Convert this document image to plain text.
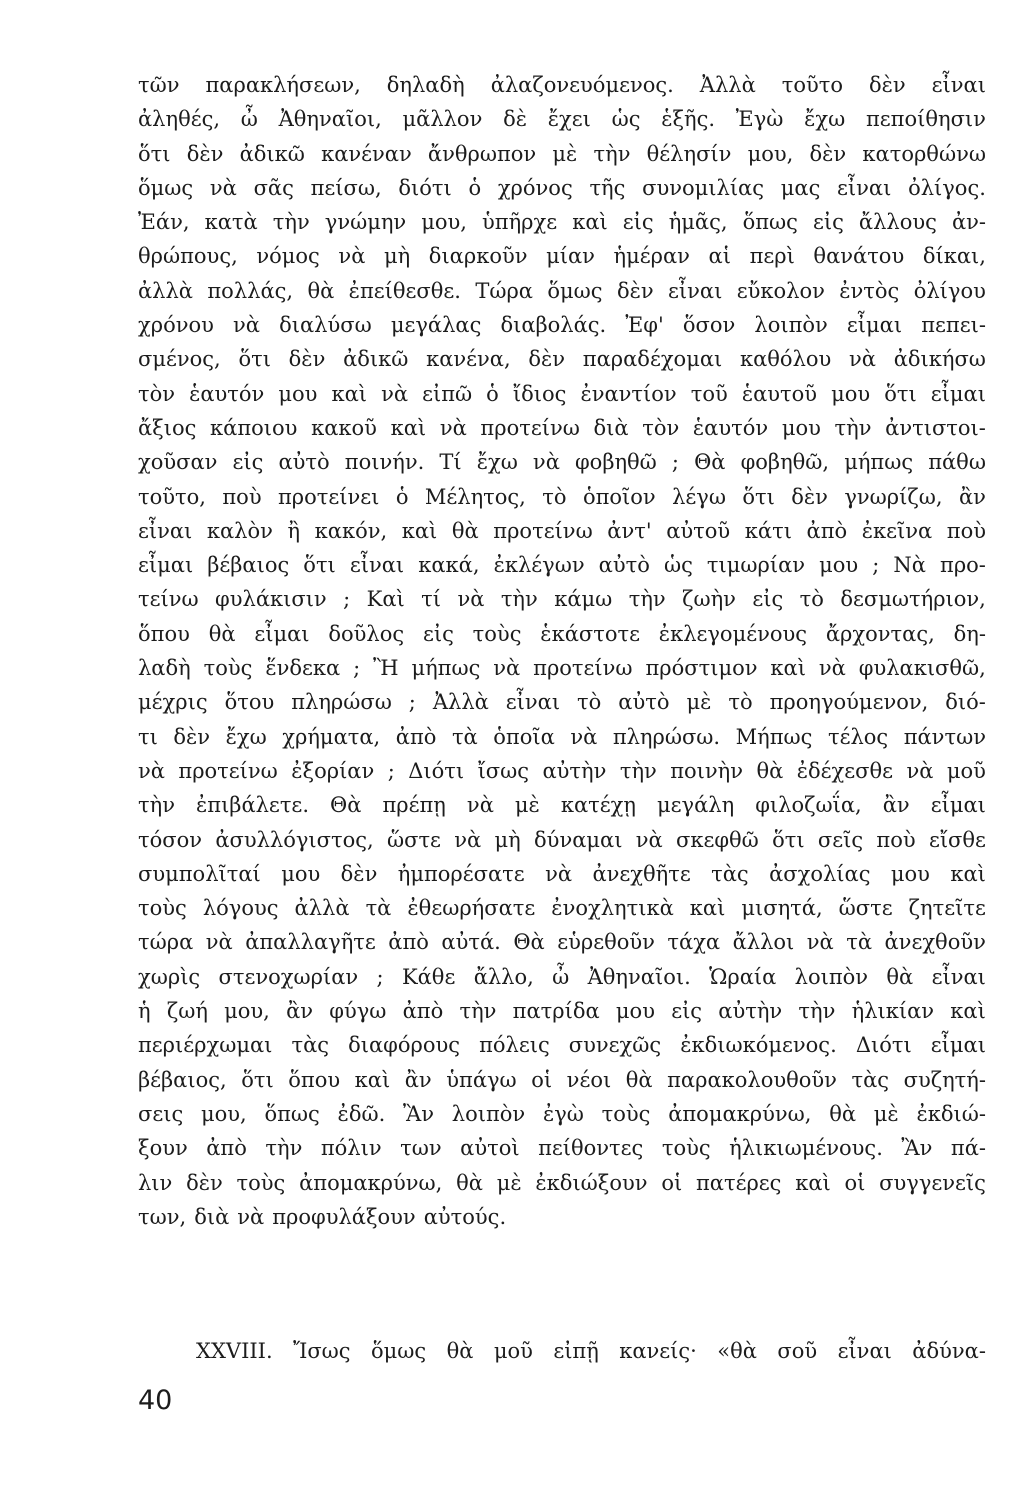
τῶν παρακλήσεων, δηλαδὴ ἀλαζονευόμενος. Ἀλλὰ τοῦτο δὲν εἶναι
ἀληθές, ὦ Ἀθηναῖοι, μᾶλλον δὲ ἔχει ὡς ἑξῆς. Ἐγὼ ἔχω πεποίθησιν
ὅτι δὲν ἀδικῶ κανέναν ἄνθρωπον μὲ τὴν θέλησίν μου, δὲν κατορθώνω
ὅμως νὰ σᾶς πείσω, διότι ὁ χρόνος τῆς συνομιλίας μας εἶναι ὀλίγος.
Ἐάν, κατὰ τὴν γνώμην μου, ὑπῆρχε καὶ εἰς ἡμᾶς, ὅπως εἰς ἄλλους ἀν-
θρώπους, νόμος νὰ μὴ διαρκοῦν μίαν ἡμέραν αἱ περὶ θανάτου δίκαι,
ἀλλὰ πολλάς, θὰ ἐπείθεσθε. Τώρα ὅμως δὲν εἶναι εὔκολον ἐντὸς ὀλίγου
χρόνου νὰ διαλύσω μεγάλας διαβολάς. Ἐφ' ὅσον λοιπὸν εἶμαι πεπει-
σμένος, ὅτι δὲν ἀδικῶ κανένα, δὲν παραδέχομαι καθόλου νὰ ἀδικήσω
τὸν ἑαυτόν μου καὶ νὰ εἰπῶ ὁ ἴδιος ἐναντίον τοῦ ἑαυτοῦ μου ὅτι εἶμαι
ἄξιος κάποιου κακοῦ καὶ νὰ προτείνω διὰ τὸν ἑαυτόν μου τὴν ἀντιστοι-
χοῦσαν εἰς αὐτὸ ποινήν. Τί ἔχω νὰ φοβηθῶ ; Θὰ φοβηθῶ, μήπως πάθω
τοῦτο, ποὺ προτείνει ὁ Μέλητος, τὸ ὁποῖον λέγω ὅτι δὲν γνωρίζω, ἂν
εἶναι καλὸν ἢ κακόν, καὶ θὰ προτείνω ἀντ' αὐτοῦ κάτι ἀπὸ ἐκεῖνα ποὺ
εἶμαι βέβαιος ὅτι εἶναι κακά, ἐκλέγων αὐτὸ ὡς τιμωρίαν μου ; Νὰ προ-
τείνω φυλάκισιν ; Καὶ τί νὰ τὴν κάμω τὴν ζωὴν εἰς τὸ δεσμωτήριον,
ὅπου θὰ εἶμαι δοῦλος εἰς τοὺς ἑκάστοτε ἐκλεγομένους ἄρχοντας, δη-
λαδὴ τοὺς ἕνδεκα ; Ἢ μήπως νὰ προτείνω πρόστιμον καὶ νὰ φυλακισθῶ,
μέχρις ὅτου πληρώσω ; Ἀλλὰ εἶναι τὸ αὐτὸ μὲ τὸ προηγούμενον, διό-
τι δὲν ἔχω χρήματα, ἀπὸ τὰ ὁποῖα νὰ πληρώσω. Μήπως τέλος πάντων
νὰ προτείνω ἐξορίαν ; Διότι ἴσως αὐτὴν τὴν ποινὴν θὰ ἐδέχεσθε νὰ μοῦ
τὴν ἐπιβάλετε. Θὰ πρέπῃ νὰ μὲ κατέχῃ μεγάλη φιλοζωΐα, ἂν εἶμαι
τόσον ἀσυλλόγιστος, ὥστε νὰ μὴ δύναμαι νὰ σκεφθῶ ὅτι σεῖς ποὺ εἴσθε
συμπολῖταί μου δὲν ἠμπορέσατε νὰ ἀνεχθῆτε τὰς ἀσχολίας μου καὶ
τοὺς λόγους ἀλλὰ τὰ ἐθεωρήσατε ἐνοχλητικὰ καὶ μισητά, ὥστε ζητεῖτε
τώρα νὰ ἀπαλλαγῆτε ἀπὸ αὐτά. Θὰ εὑρεθοῦν τάχα ἄλλοι νὰ τὰ ἀνεχθοῦν
χωρὶς στενοχωρίαν ; Κάθε ἄλλο, ὦ Ἀθηναῖοι. Ὡραία λοιπὸν θὰ εἶναι
ἡ ζωή μου, ἂν φύγω ἀπὸ τὴν πατρίδα μου εἰς αὐτὴν τὴν ἡλικίαν καὶ
περιέρχωμαι τὰς διαφόρους πόλεις συνεχῶς ἐκδιωκόμενος. Διότι εἶμαι
βέβαιος, ὅτι ὅπου καὶ ἂν ὑπάγω οἱ νέοι θὰ παρακολουθοῦν τὰς συζητή-
σεις μου, ὅπως ἐδῶ. Ἂν λοιπὸν ἐγὼ τοὺς ἀπομακρύνω, θὰ μὲ ἐκδιώ-
ξουν ἀπὸ τὴν πόλιν των αὐτοὶ πείθοντες τοὺς ἡλικιωμένους. Ἂν πά-
λιν δὲν τοὺς ἀπομακρύνω, θὰ μὲ ἐκδιώξουν οἱ πατέρες καὶ οἱ συγγενεῖς
των, διὰ νὰ προφυλάξουν αὐτούς.
XXVIII. Ἴσως ὅμως θὰ μοῦ εἰπῇ κανείς· «θὰ σοῦ εἶναι ἀδύνα-
40
